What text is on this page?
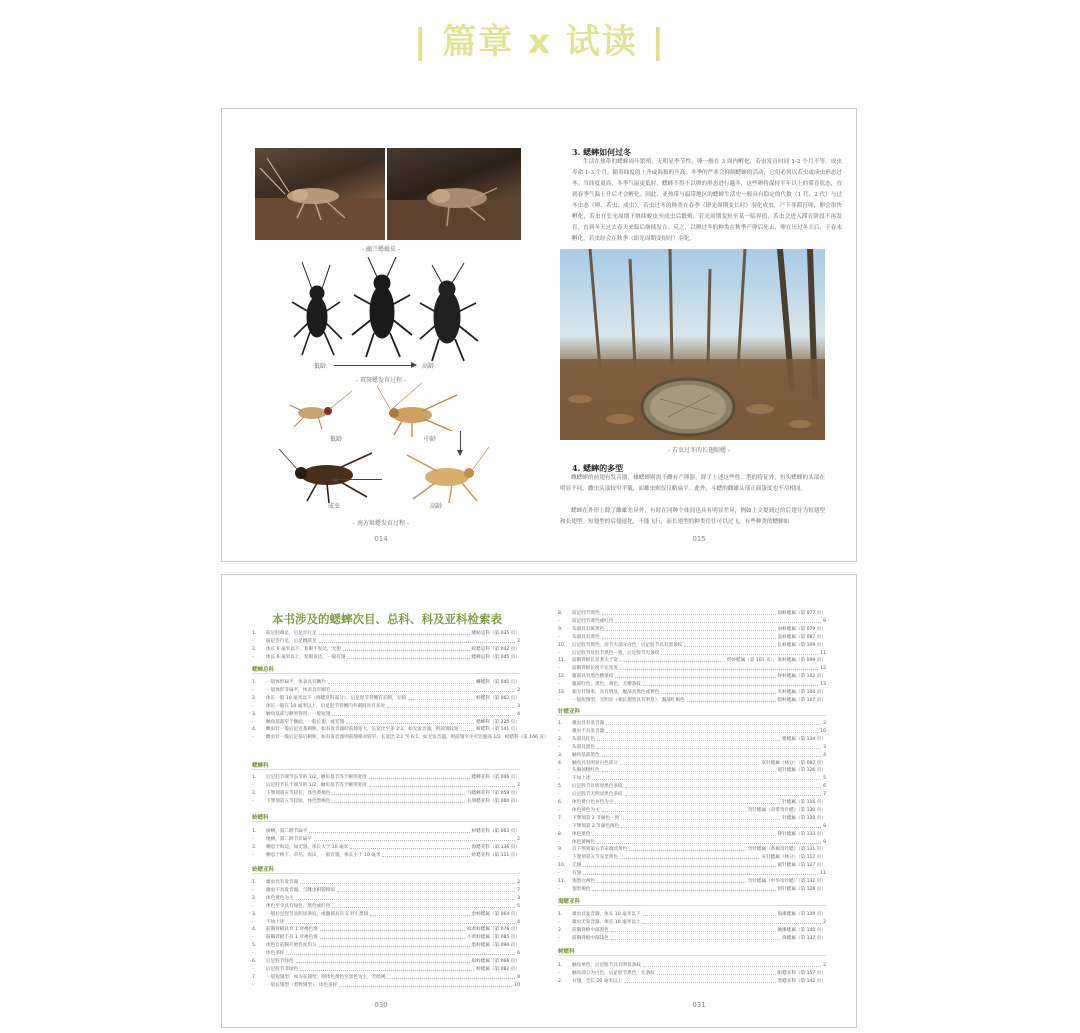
| 篇章 x 试读 |
- 幽兰蟋蜕皮 -
低龄	高龄
- 双斑蟋发育过程 -
低龄	中龄
成虫	高龄
- 南方姬蟋发育过程 -
014
3. 蟋蟀如何过冬

生活在热带的蟋蟀周年繁殖，无明显季节性，卵一般在 3 周内孵化，若虫发育时间 1-2 个月不等，成虫寿命 1-3 个月。随着纬度的上升或海拔的升高，冬季的严寒会抑制蟋蟀的活动，它们必须以若虫或成虫形态过冬。当纬度更高，冬季气温更低时，蟋蟀不得不以卵的形态进行越冬，这些卵将保持半年以上的滞育状态，直到春季气温上升后才会孵化。因此，亚热带与温带地区的蟋蟀生活史一般具有稳定的代数（1 代，2 代）与过冬虫态（卵、若虫、成虫）。若虫过冬的种类在春季（即光周期变长时）羽化成虫，产下非滞育卵，卵会很快孵化，若虫在长光周期下继续蜕皮至成虫后繁殖。若光周期变短至某一临界值，若虫会进入滞育阶段不再发育，直到冬天过去春天来临后继续发育。反之，以卵过冬的种类在秋季产卵后死去，卵在历过冬天后，于春末孵化，若虫经会在秋季（即光周期变短时）羽化。

- 若虫过冬的长翅眼蟋 -
4. 蟋蟀的多型

雌蟋蟀的前翅有发音器，雄蟋蟀则需不雌有产卵器，除了上述这些性二型的特征外，恒头蟋蟀的头部在明显不同，雌虫头部较窄平截，而雄虫则仅仅略扁平。此外，斗蟋的雌雄头部正面蛋度也不尽相同。

蟋蟀在外形上除了雌雄差异外，有时在同种个体间也具有明显差异，例如上文提到过的后翅分为短翅型和长翅型。短翅型的后翅退化，不能飞行，而长翅型的种类往往可以过飞，有些种类的蟋蟀如

015
本书涉及的蟋蟀次目、总科、科及亚科检索表
1.	前足胫端足，后足步行足	蝼蛄总科（第 035 页）
-	前足步行足，后足跳跃足	2
2.	体长 6 毫米以下，复眼不发达，无翅	蚁蟋总科（第 042 页）
-	体长 6 毫米以上，复眼发达，一般有翅	蟋蟀总科（第 045 页）
蟋蟀总科
1.	一般体形扁平，体表具有鳞片	鳞蟋科（第 045 页）
-	一般体形非扁平，体表具有刚毛	2
2.	体长一般 10 毫米以下（海蟋亚科部分），后足胫节背侧有长刺，无刺	蛉蟋科（第 062 页）
-	体长一般在 10 毫米以上，后足胫节背侧内外刺间具有多对	3
3.	触角基部与额突背凹，一般短翅	4
-	触角基部窄于额面，一般长翅，或无翅	蟋蟀科（第 225 页）
4.	雌虫针一般后足近基刺距，如有发音器时前翅宽大，长宽比至多 2:1，如无发音器，则前翅较短	树蟋科（第 141 页）
-	雌虫针一般后足基后刺距，如有发音器则前翅相对较窄，长宽比 2:1 至 6:1，如无发音器，则前翅至少可达腹部 1/2 蚁蟋科（第 166 页）
蟋蟀科
1.	后足胫节端节长节的 1/2，触角基节等于额突宽度	蟋蟀亚科（第 046 页）
-	后足胫节长于端节的 1/2，触角基节等于额突宽度	2
2.	下颚须第五节较长，体色黄褐色	马蟋蟀亚科（第 059 页）
-	下颚须第五节较短，体色黑褐色	长须蟋亚科（第 060 页）
蛉蟋科
1.	树栖，第二附节扁平	树蟋亚科（第 063 页）
-	地栖，第二附节非扁平	2
2.	栖息于海边，如无翅，体长大于 10 毫米	海蟋亚科（第 136 页）
-	栖息于林下、草丛、农田，一般有翅，体长小于 10 毫米	蛉蟋亚科（第 111 页）
蛉蟋亚科
1.	雄虫具有发音器	2
-	雄虫不具发音器，与雌虫相貌相似	7
2.	体色黄色为主	3
-	体色至少具有绿色，黑色或红色	5
3.	一般后足胫节具明显条纹，或腹部具有 1 对小黑斑	金蛉蟋属（第 064 页）
-	不如上述	4
4.	前胸背板具有 1 对褐色斑	拟黄蛉蟋属（第 076 页）
-	前胸背板不具 1 对褐色斑	小黄蛉蟋属（第 085 页）
5.	体色自前胸开始色度均匀	墨蛉蟋属（第 090 页）
-	体色多样	6
6.	后足股节绿色	拟蛉蟋属（第 066 页）
-	后足股节非绿色	蛉蟋属（第 082 页）
7.	一般短翅型，如为长翅型，则体色黄色至黑色为主，若暗褐	8
-	一般长翅型（着物翅型），体色多样	10
030
8.	前足胫节黑色	拟蛉蟋属（第 077 页）
-	前足胫节黄色或红色	9
9.	头部具有斑黑色	雨蛉蟋属（第 079 页）
-	头部具有黄色	盖蛉蟋属（第 087 页）
10.	后足股节黑色，前节大部分白色，后足股节具有黑条纹	长蛉蟋属（第 109 页）
-	后足股节及胫节黑色一致，后足股节无条纹	11
11.	前胸背板长显著大于宽	纤蛉蟋属（第 101 页），准蛉蟋属（第 099 页）
-	前胸背板长度不达宽度	12
12.	腹部具有黑色横条纹	脊蛉蟋属（第 102 页）
-	腹部红色、黑色、黄色，无横条纹	13
13.	相方针翅率，具有明显，腹部具黑色或黄色	夹蛉蟋属（第 104 页）
-	一般短翅型，无明显（相长翅型具有明显），腹部红褐色	暗蛉蟋属（第 107 页）
针蟋亚科
1.	雄虫具有发音器	2
-	雄虫不具发音器	10
2.	头部具红色	雅蟋属（第 134 页）
-	头部具黑色	3
3.	触角基部黑色	4
4.	触角具有明显白色部分	灰针蟋属（林分）（第 087 页）
-	头胸颈粗红色	锯针蟋属（第 126 页）
-	不如上述	5
5.	后足股节具明显黑色条纹	6
-	后足股节无明显黑色条纹	7
6.	体色黄白色并色为主	针蟋属（第 116 页）
-	体色黄色为主	奇针蟋属（双带奇针蟋）（第 130 页）
7.	下颚须第 2 节颜色一致	针蟋属（第 120 页）
-	下颚须第 2 节颜色两色	8
8.	体色黑色	脊针蟋属（第 133 页）
-	体色黄褐色	9
9.	仅下颚须第五节末端淡黄色	奇针蟋属（黄褐奇针蟋）（第 131 页）
-	下颚须第五节完全黄色	灰针蟋属（林分）（第 112 页）
10.	无翅	锯针蟋属（第 127 页）
-	有翅	11
11.	翅黑白两色	奇针蟋属（中华奇针蟋）（第 132 页）
-	翅黑褐色	同针蟋属（第 128 页）
海蟋亚科
1.	雄虫具发音器，体长 10 毫米以下	海滩蟋属（第 139 页）
-	雄虫无发音器，体长 10 毫米以上	2
2.	前胸背板中部黑色	硬滩蟋属（第 140 页）
-	前胸背板中部浅色	海蟋属（第 137 页）
树蟋科
1.	触角单色，后足股节具有明显条纹	2
-	触角部分为白色，后足股节黑色，无条纹	帕蟋亚科（第 157 页）
2.	有翅，全长 20 毫米以上	类蟋亚科（第 142 页）
031
